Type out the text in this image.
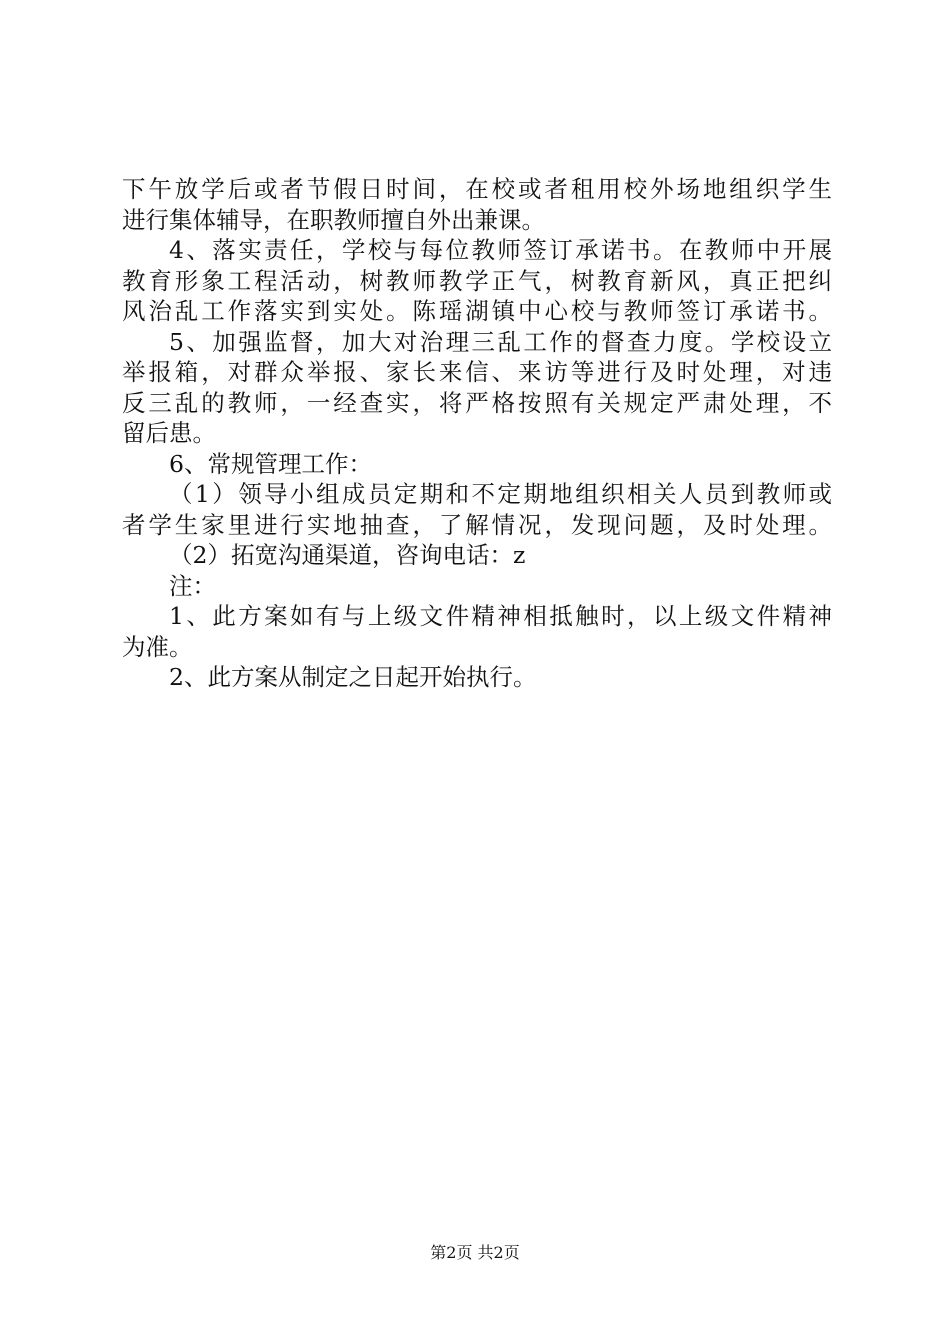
下午放学后或者节假日时间，在校或者租用校外场地组织学生
进行集体辅导，在职教师擅自外出兼课。
4、落实责任，学校与每位教师签订承诺书。在教师中开展
教育形象工程活动，树教师教学正气，树教育新风，真正把纠
风治乱工作落实到实处。陈瑶湖镇中心校与教师签订承诺书。
5、加强监督，加大对治理三乱工作的督查力度。学校设立
举报箱，对群众举报、家长来信、来访等进行及时处理，对违
反三乱的教师，一经查实，将严格按照有关规定严肃处理，不
留后患。
6、常规管理工作：
（1）领导小组成员定期和不定期地组织相关人员到教师或
者学生家里进行实地抽查，了解情况，发现问题，及时处理。
（2）拓宽沟通渠道，咨询电话：z
注：
1、此方案如有与上级文件精神相抵触时，以上级文件精神
为准。
2、此方案从制定之日起开始执行。
第2页 共2页
